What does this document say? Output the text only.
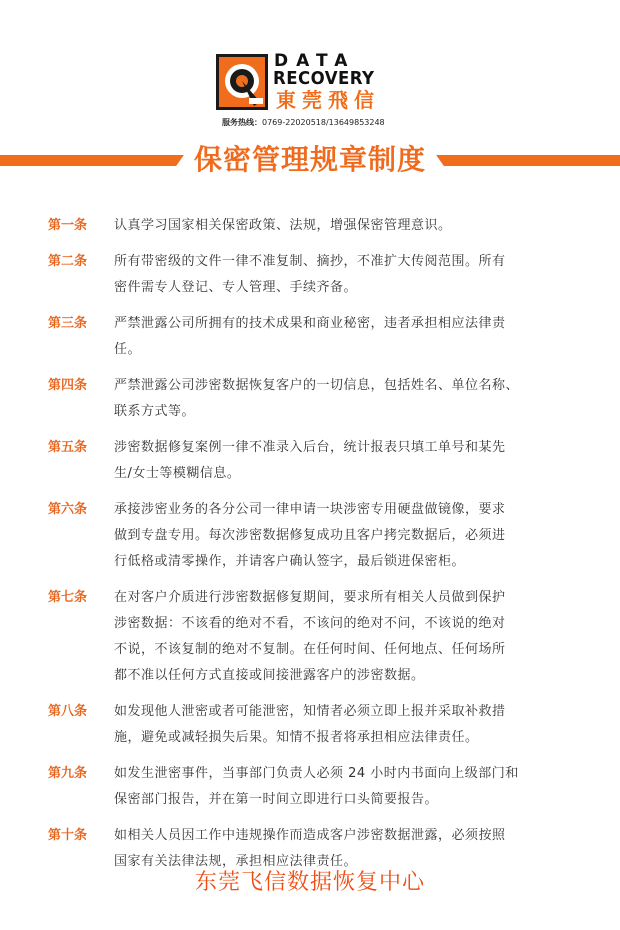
DATA
RECOVERY
東莞飛信
服务热线：0769-22020518/13649853248
保密管理规章制度
第一条 认真学习国家相关保密政策、法规，增强保密管理意识。
第二条 所有带密级的文件一律不准复制、摘抄，不准扩大传阅范围。所有
密件需专人登记、专人管理、手续齐备。
第三条 严禁泄露公司所拥有的技术成果和商业秘密，违者承担相应法律责
任。
第四条 严禁泄露公司涉密数据恢复客户的一切信息，包括姓名、单位名称、
联系方式等。
第五条 涉密数据修复案例一律不准录入后台，统计报表只填工单号和某先
生/女士等模糊信息。
第六条 承接涉密业务的各分公司一律申请一块涉密专用硬盘做镜像，要求
做到专盘专用。每次涉密数据修复成功且客户拷完数据后，必须进
行低格或清零操作，并请客户确认签字，最后锁进保密柜。
第七条 在对客户介质进行涉密数据修复期间，要求所有相关人员做到保护
涉密数据：不该看的绝对不看，不该问的绝对不问，不该说的绝对
不说，不该复制的绝对不复制。在任何时间、任何地点、任何场所
都不准以任何方式直接或间接泄露客户的涉密数据。
第八条 如发现他人泄密或者可能泄密，知情者必须立即上报并采取补救措
施，避免或减轻损失后果。知情不报者将承担相应法律责任。
第九条 如发生泄密事件，当事部门负责人必须 24 小时内书面向上级部门和
保密部门报告，并在第一时间立即进行口头简要报告。
第十条 如相关人员因工作中违规操作而造成客户涉密数据泄露，必须按照
国家有关法律法规，承担相应法律责任。
东莞飞信数据恢复中心
